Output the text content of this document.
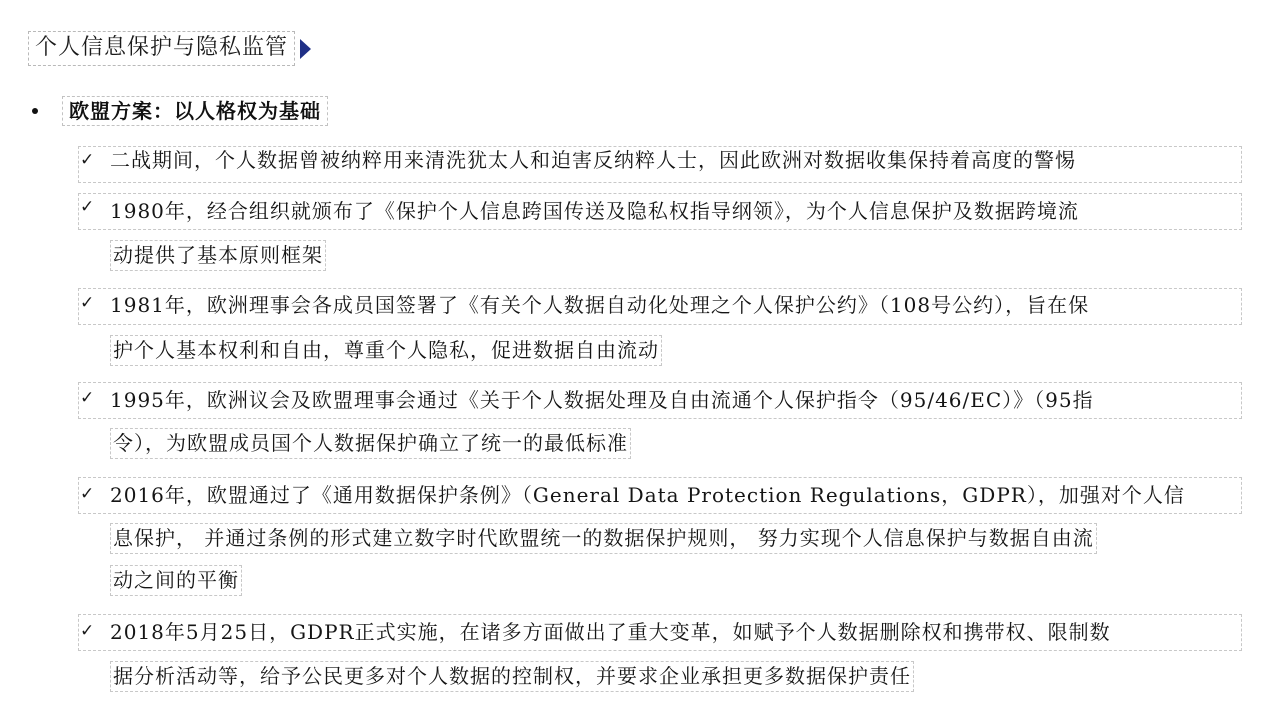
个人信息保护与隐私监管
欧盟方案：以人格权为基础
✓ 二战期间，个人数据曾被纳粹用来清洗犹太人和迫害反纳粹人士，因此欧洲对数据收集保持着高度的警惕
✓ 1980年，经合组织就颁布了《保护个人信息跨国传送及隐私权指导纲领》，为个人信息保护及数据跨境流
动提供了基本原则框架
✓ 1981年，欧洲理事会各成员国签署了《有关个人数据自动化处理之个人保护公约》（108号公约），旨在保
护个人基本权利和自由，尊重个人隐私，促进数据自由流动
✓ 1995年，欧洲议会及欧盟理事会通过《关于个人数据处理及自由流通个人保护指令（95/46/EC）》（95指
令），为欧盟成员国个人数据保护确立了统一的最低标准
✓ 2016年，欧盟通过了《通用数据保护条例》（General Data Protection Regulations，GDPR），加强对个人信
息保护， 并通过条例的形式建立数字时代欧盟统一的数据保护规则， 努力实现个人信息保护与数据自由流
动之间的平衡
✓ 2018年5月25日，GDPR正式实施，在诸多方面做出了重大变革，如赋予个人数据删除权和携带权、限制数
据分析活动等，给予公民更多对个人数据的控制权，并要求企业承担更多数据保护责任
